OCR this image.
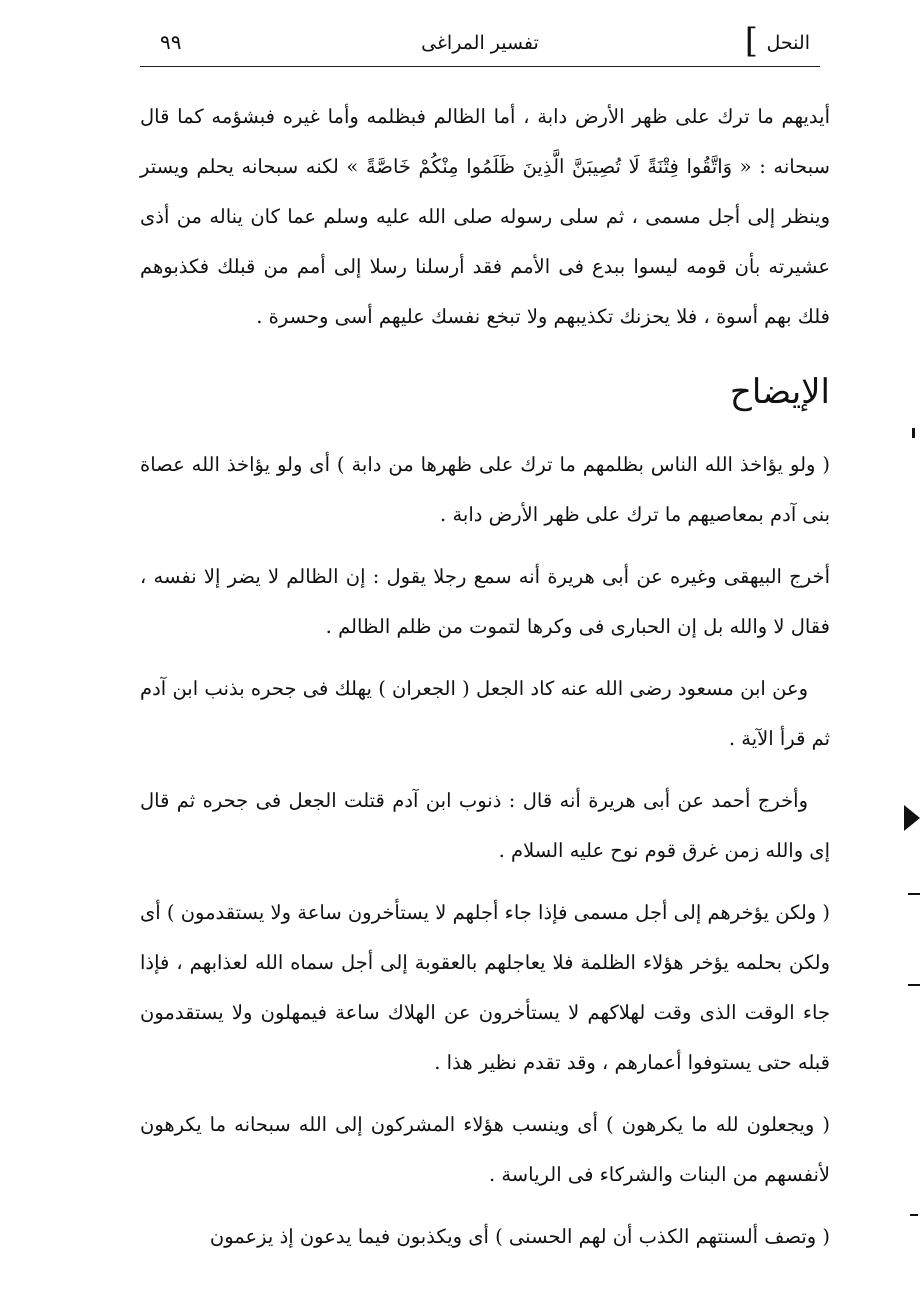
النحل
]
تفسير المراغى
٩٩

أيديهم ما ترك على ظهر الأرض دابة ، أما الظالم فبظلمه وأما غيره فبشؤمه كما قال سبحانه : « وَاتَّقُوا فِتْنَةً لَا تُصِيبَنَّ الَّذِينَ ظَلَمُوا مِنْكُمْ خَاصَّةً » لكنه سبحانه يحلم ويستر وينظر إلى أجل مسمى ، ثم سلى رسوله صلى الله عليه وسلم عما كان يناله من أذى عشيرته بأن قومه ليسوا ببدع فى الأمم فقد أرسلنا رسلا إلى أمم من قبلك فكذبوهم فلك بهم أسوة ، فلا يحزنك تكذيبهم ولا تبخع نفسك عليهم أسى وحسرة .

الإيضاح

( ولو يؤاخذ الله الناس بظلمهم ما ترك على ظهرها من دابة ) أى ولو يؤاخذ الله عصاة بنى آدم بمعاصيهم ما ترك على ظهر الأرض دابة .

أخرج البيهقى وغيره عن أبى هريرة أنه سمع رجلا يقول : إن الظالم لا يضر إلا نفسه ، فقال لا والله بل إن الحبارى فى وكرها لتموت من ظلم الظالم .

وعن ابن مسعود رضى الله عنه كاد الجعل ( الجعران ) يهلك فى جحره بذنب ابن آدم ثم قرأ الآية .

وأخرج أحمد عن أبى هريرة أنه قال : ذنوب ابن آدم قتلت الجعل فى جحره ثم قال إى والله زمن غرق قوم نوح عليه السلام .

( ولكن يؤخرهم إلى أجل مسمى فإذا جاء أجلهم لا يستأخرون ساعة ولا يستقدمون ) أى ولكن بحلمه يؤخر هؤلاء الظلمة فلا يعاجلهم بالعقوبة إلى أجل سماه الله لعذابهم ، فإذا جاء الوقت الذى وقت لهلاكهم لا يستأخرون عن الهلاك ساعة فيمهلون ولا يستقدمون قبله حتى يستوفوا أعمارهم ، وقد تقدم نظير هذا .

( ويجعلون لله ما يكرهون ) أى وينسب هؤلاء المشركون إلى الله سبحانه ما يكرهون لأنفسهم من البنات والشركاء فى الرياسة .

( وتصف ألسنتهم الكذب أن لهم الحسنى ) أى ويكذبون فيما يدعون إذ يزعمون
